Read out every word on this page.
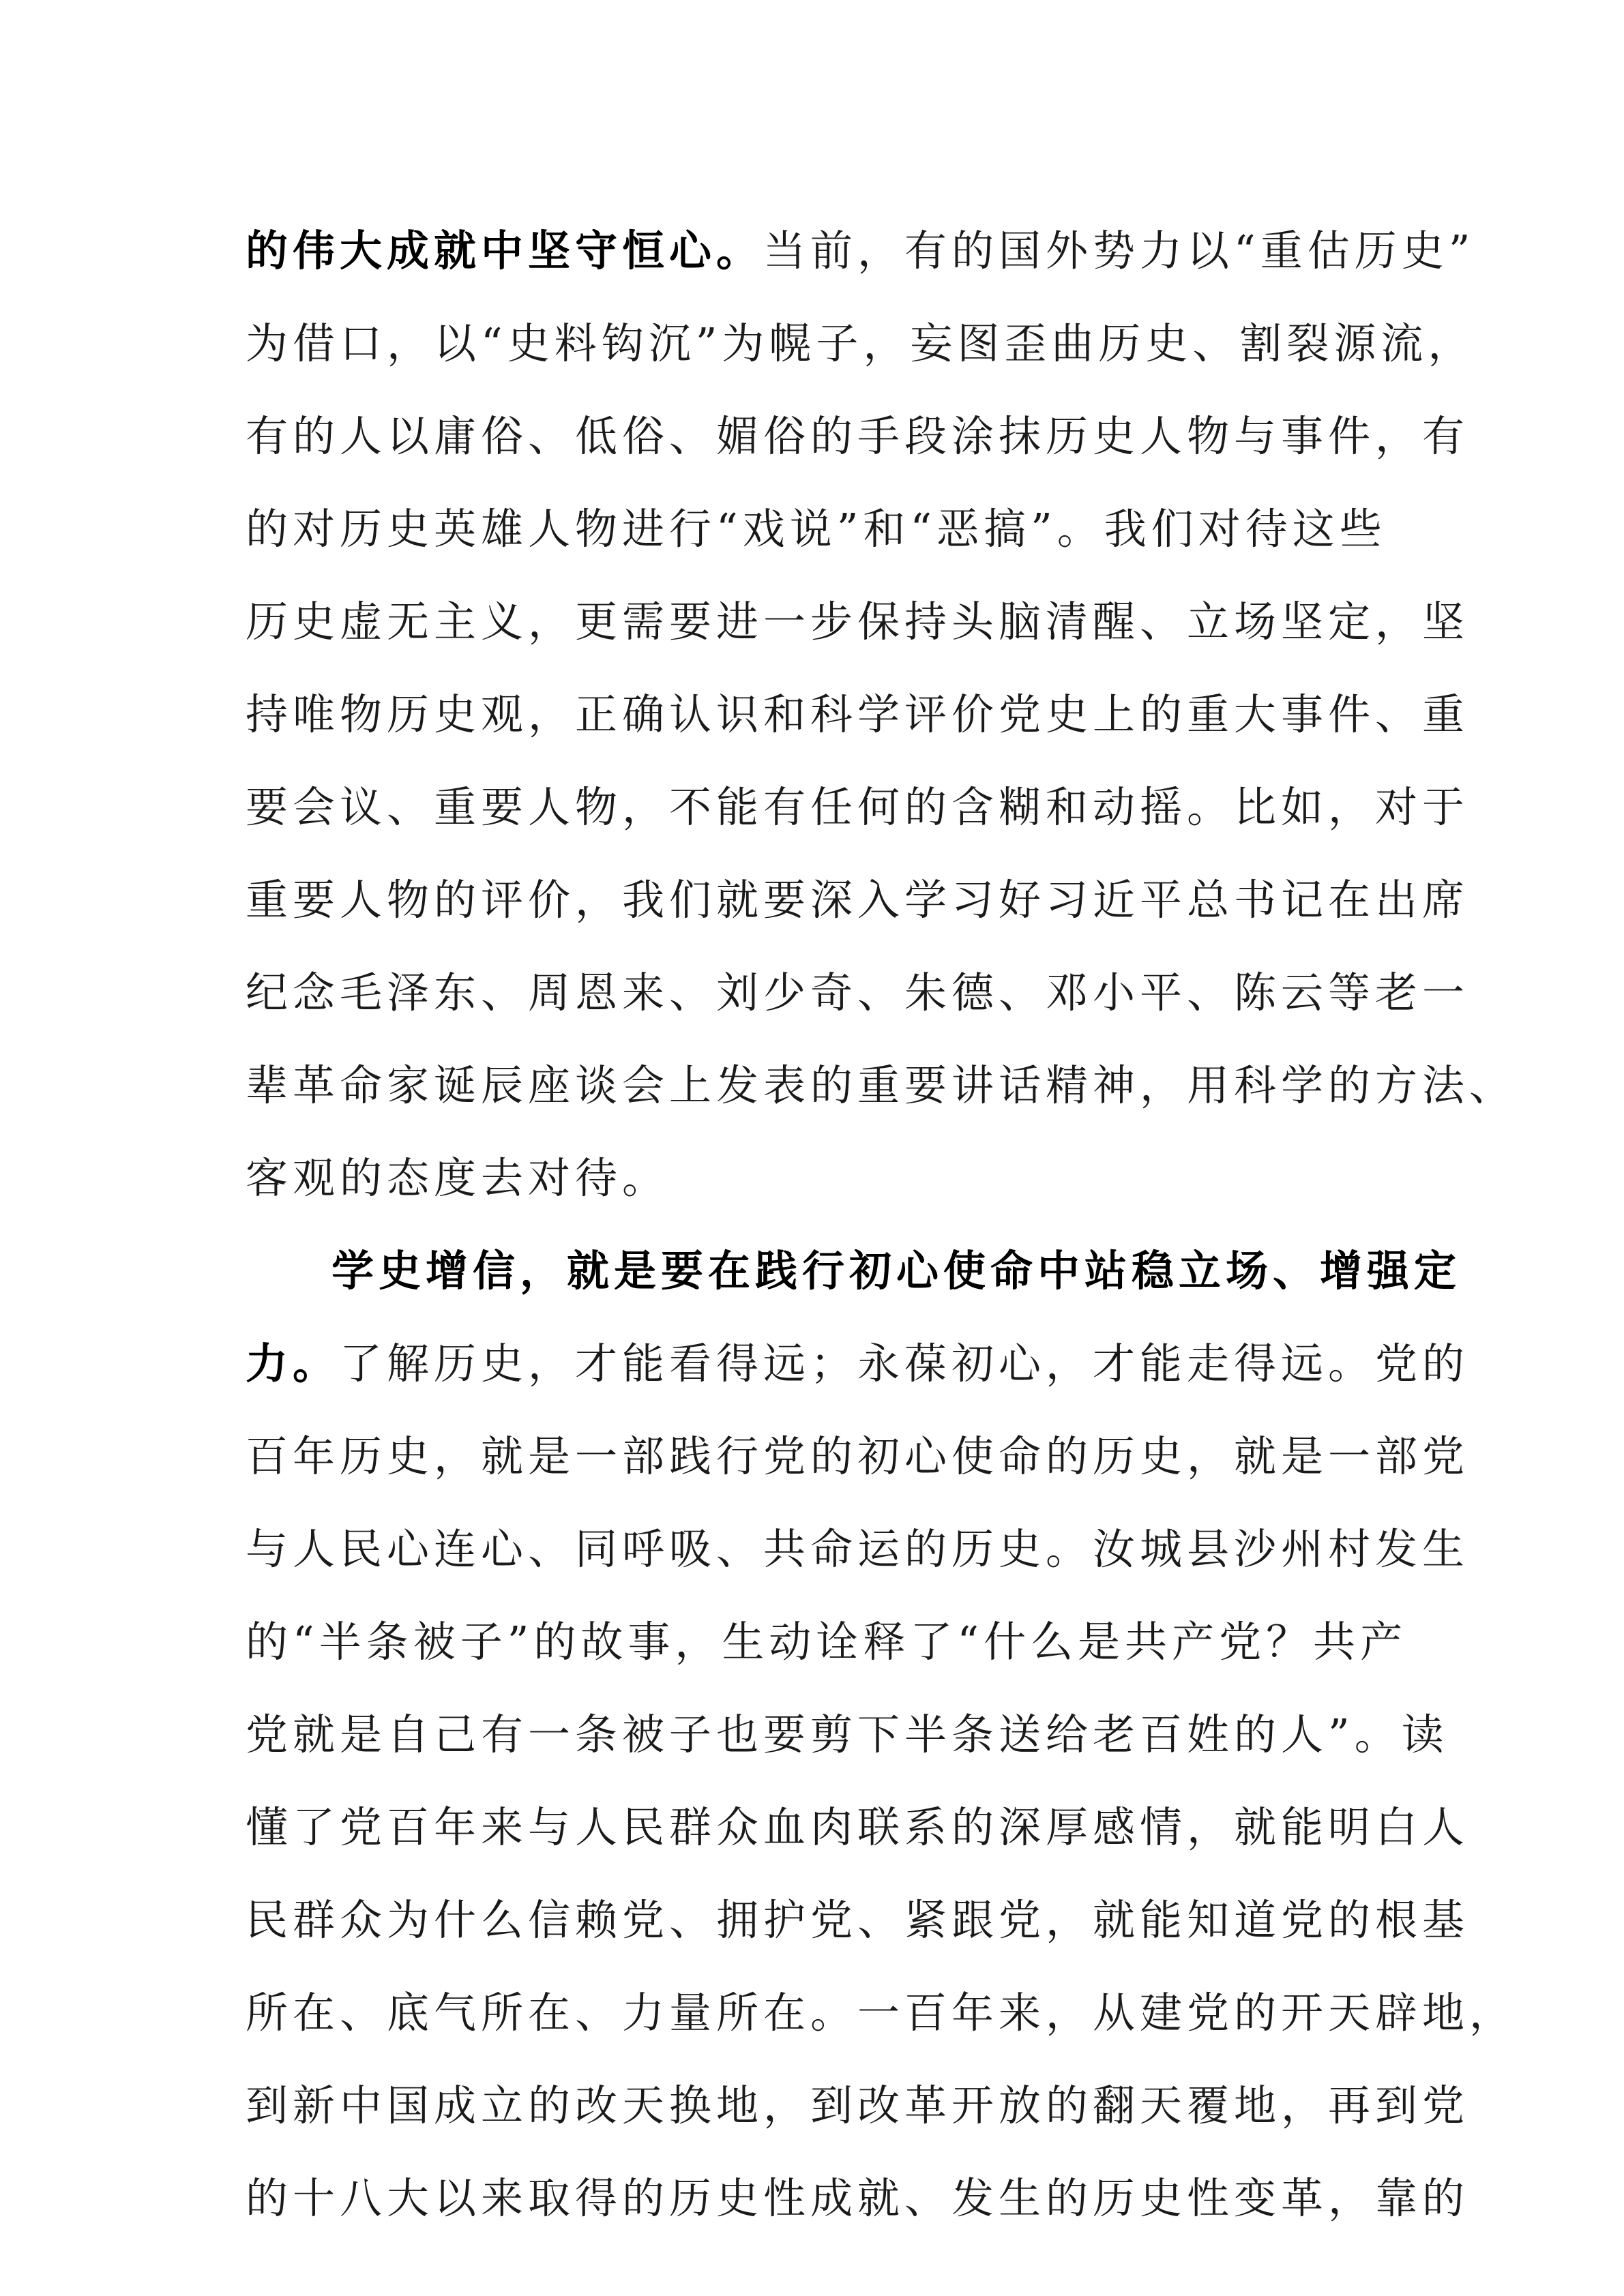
的伟大成就中坚守恒心。当前，有的国外势力以“重估历史”
为借口，以“史料钩沉”为幌子，妄图歪曲历史、割裂源流，
有的人以庸俗、低俗、媚俗的手段涂抹历史人物与事件，有
的对历史英雄人物进行“戏说”和“恶搞”。我们对待这些
历史虚无主义，更需要进一步保持头脑清醒、立场坚定，坚
持唯物历史观，正确认识和科学评价党史上的重大事件、重
要会议、重要人物，不能有任何的含糊和动摇。比如，对于
重要人物的评价，我们就要深入学习好习近平总书记在出席
纪念毛泽东、周恩来、刘少奇、朱德、邓小平、陈云等老一
辈革命家诞辰座谈会上发表的重要讲话精神，用科学的方法、
客观的态度去对待。
学史增信，就是要在践行初心使命中站稳立场、增强定
力。了解历史，才能看得远；永葆初心，才能走得远。党的
百年历史，就是一部践行党的初心使命的历史，就是一部党
与人民心连心、同呼吸、共命运的历史。汝城县沙州村发生
的“半条被子”的故事，生动诠释了“什么是共产党？共产
党就是自己有一条被子也要剪下半条送给老百姓的人”。读
懂了党百年来与人民群众血肉联系的深厚感情，就能明白人
民群众为什么信赖党、拥护党、紧跟党，就能知道党的根基
所在、底气所在、力量所在。一百年来，从建党的开天辟地，
到新中国成立的改天换地，到改革开放的翻天覆地，再到党
的十八大以来取得的历史性成就、发生的历史性变革，靠的
